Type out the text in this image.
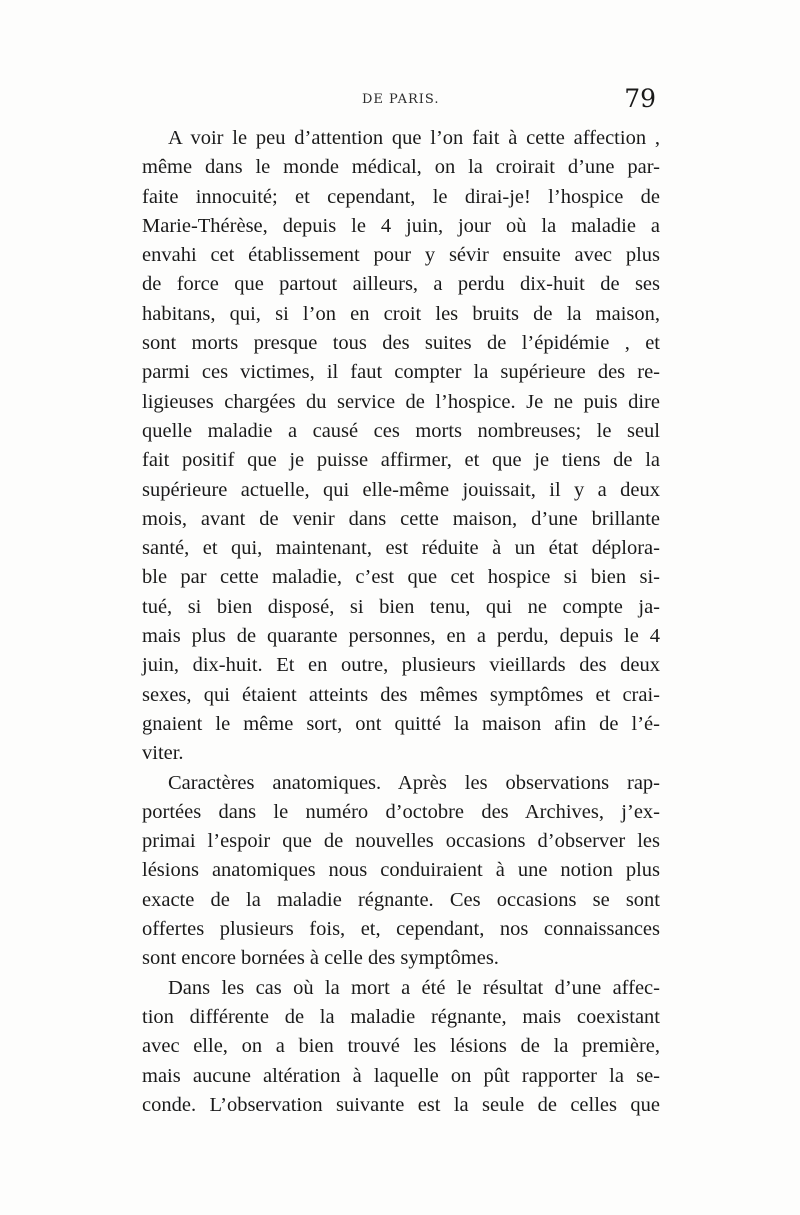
DE PARIS.	79
A voir le peu d’attention que l’on fait à cette affection ,
même dans le monde médical, on la croirait d’une par-
faite innocuité; et cependant, le dirai-je! l’hospice de
Marie-Thérèse, depuis le 4 juin, jour où la maladie a
envahi cet établissement pour y sévir ensuite avec plus
de force que partout ailleurs, a perdu dix-huit de ses
habitans, qui, si l’on en croit les bruits de la maison,
sont morts presque tous des suites de l’épidémie , et
parmi ces victimes, il faut compter la supérieure des re-
ligieuses chargées du service de l’hospice. Je ne puis dire
quelle maladie a causé ces morts nombreuses; le seul
fait positif que je puisse affirmer, et que je tiens de la
supérieure actuelle, qui elle-même jouissait, il y a deux
mois, avant de venir dans cette maison, d’une brillante
santé, et qui, maintenant, est réduite à un état déplora-
ble par cette maladie, c’est que cet hospice si bien si-
tué, si bien disposé, si bien tenu, qui ne compte ja-
mais plus de quarante personnes, en a perdu, depuis le 4
juin, dix-huit. Et en outre, plusieurs vieillards des deux
sexes, qui étaient atteints des mêmes symptômes et crai-
gnaient le même sort, ont quitté la maison afin de l’é-
viter.
Caractères anatomiques. Après les observations rap-
portées dans le numéro d’octobre des Archives, j’ex-
primai l’espoir que de nouvelles occasions d’observer les
lésions anatomiques nous conduiraient à une notion plus
exacte de la maladie régnante. Ces occasions se sont
offertes plusieurs fois, et, cependant, nos connaissances
sont encore bornées à celle des symptômes.
Dans les cas où la mort a été le résultat d’une affec-
tion différente de la maladie régnante, mais coexistant
avec elle, on a bien trouvé les lésions de la première,
mais aucune altération à laquelle on pût rapporter la se-
conde. L’observation suivante est la seule de celles que
